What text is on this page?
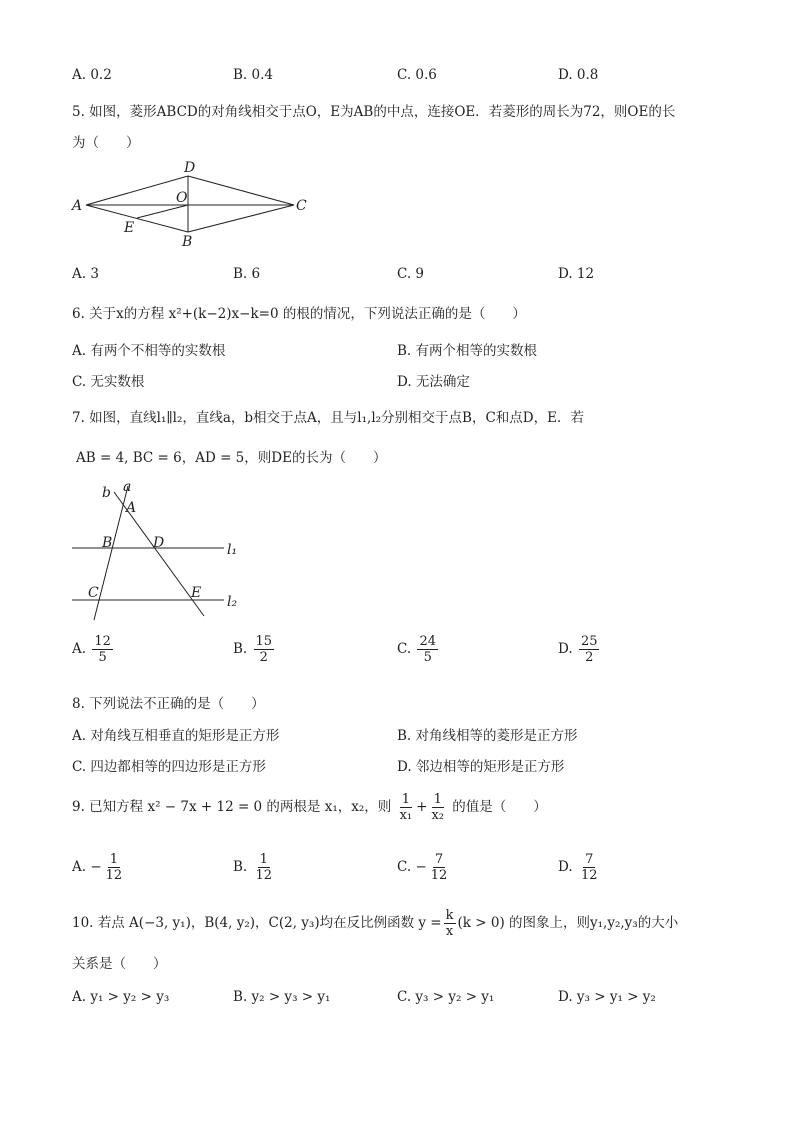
A. 0.2	B. 0.4	C. 0.6	D. 0.8
5. 如图，菱形ABCD的对角线相交于点O，E为AB的中点，连接OE．若菱形的周长为72，则OE的长
为（　　）
A
D
O	C
E
B
A. 3	B. 6	C. 9	D. 12
6. 关于x的方程 x²+(k−2)x−k=0 的根的情况，下列说法正确的是（　　）
A. 有两个不相等的实数根	B. 有两个相等的实数根
C. 无实数根	D. 无法确定
7. 如图，直线l₁∥l₂，直线a，b相交于点A，且与l₁,l₂分别相交于点B，C和点D，E．若
AB = 4, BC = 6，AD = 5，则DE的长为（　　）
b a
A
B	D
C	E
l₁
l₂
A. $\frac{12}{5}$	B. $\frac{15}{2}$	C. $\frac{24}{5}$	D. $\frac{25}{2}$
8. 下列说法不正确的是（　　）
A. 对角线互相垂直的矩形是正方形	B. 对角线相等的菱形是正方形
C. 四边都相等的四边形是正方形	D. 邻边相等的矩形是正方形
9. 已知方程 x² − 7x + 12 = 0 的两根是 x₁，x₂，则 $\frac{1}{\text{x₁}} + \frac{1}{\text{x₂}}$ 的值是（　　）
A. − $\frac{1}{12}$	B. $\frac{1}{12}$	C. − $\frac{7}{12}$	D. $\frac{7}{12}$
10. 若点 A(−3, y₁)，B(4, y₂)，C(2, y₃)均在反比例函数 $y = \frac{k}{x} (k > 0)$ 的图象上，则y₁,y₂,y₃的大小
关系是（　　）
A. y₁ > y₂ > y₃	B. y₂ > y₃ > y₁	C. y₃ > y₂ > y₁	D. y₃ > y₁ > y₂
